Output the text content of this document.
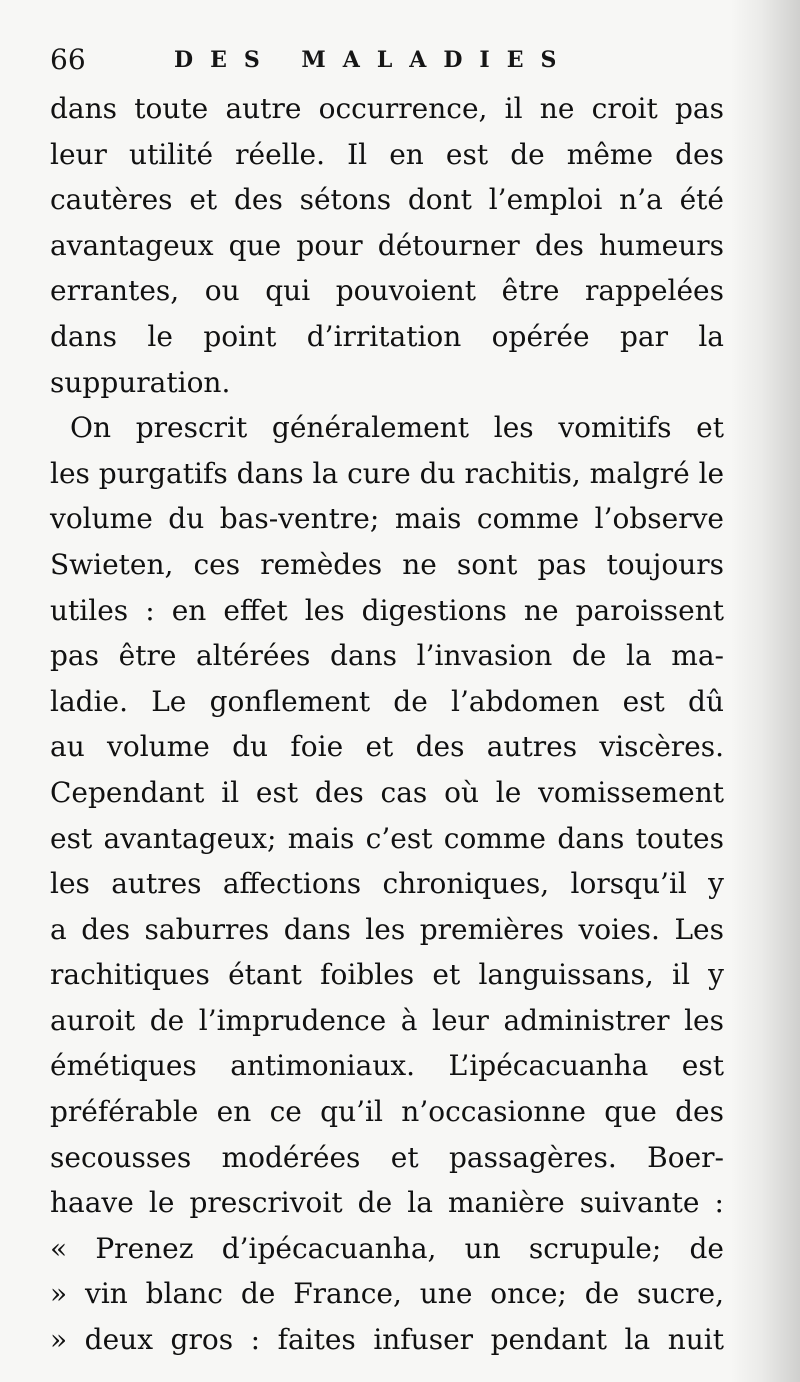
66	DES MALADIES
dans toute autre occurrence, il ne croit pas
leur utilité réelle. Il en est de même des
cautères et des sétons dont l’emploi n’a été
avantageux que pour détourner des humeurs
errantes, ou qui pouvoient être rappelées
dans le point d’irritation opérée par la
suppuration.
On prescrit généralement les vomitifs et
les purgatifs dans la cure du rachitis, malgré le
volume du bas-ventre; mais comme l’observe
Swieten, ces remèdes ne sont pas toujours
utiles : en effet les digestions ne paroissent
pas être altérées dans l’invasion de la ma-
ladie. Le gonflement de l’abdomen est dû
au volume du foie et des autres viscères.
Cependant il est des cas où le vomissement
est avantageux; mais c’est comme dans toutes
les autres affections chroniques, lorsqu’il y
a des saburres dans les premières voies. Les
rachitiques étant foibles et languissans, il y
auroit de l’imprudence à leur administrer les
émétiques antimoniaux. L’ipécacuanha est
préférable en ce qu’il n’occasionne que des
secousses modérées et passagères. Boer-
haave le prescrivoit de la manière suivante :
« Prenez d’ipécacuanha, un scrupule; de
» vin blanc de France, une once; de sucre,
» deux gros : faites infuser pendant la nuit
